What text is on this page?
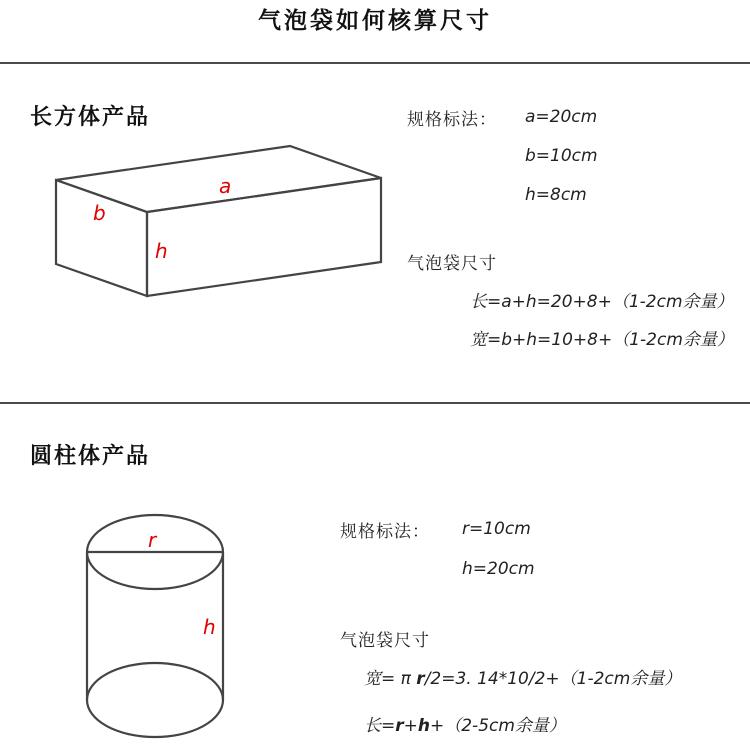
气泡袋如何核算尺寸
长方体产品
a
b
h
规格标法： a=20cm
b=10cm
h=8cm
气泡袋尺寸
长=a+h=20+8+（1-2cm余量）
宽=b+h=10+8+（1-2cm余量）
圆柱体产品
r
h
规格标法： r=10cm
h=20cm
气泡袋尺寸
宽= π r/2=3. 14*10/2+（1-2cm余量）
长=r+h+（2-5cm余量）
